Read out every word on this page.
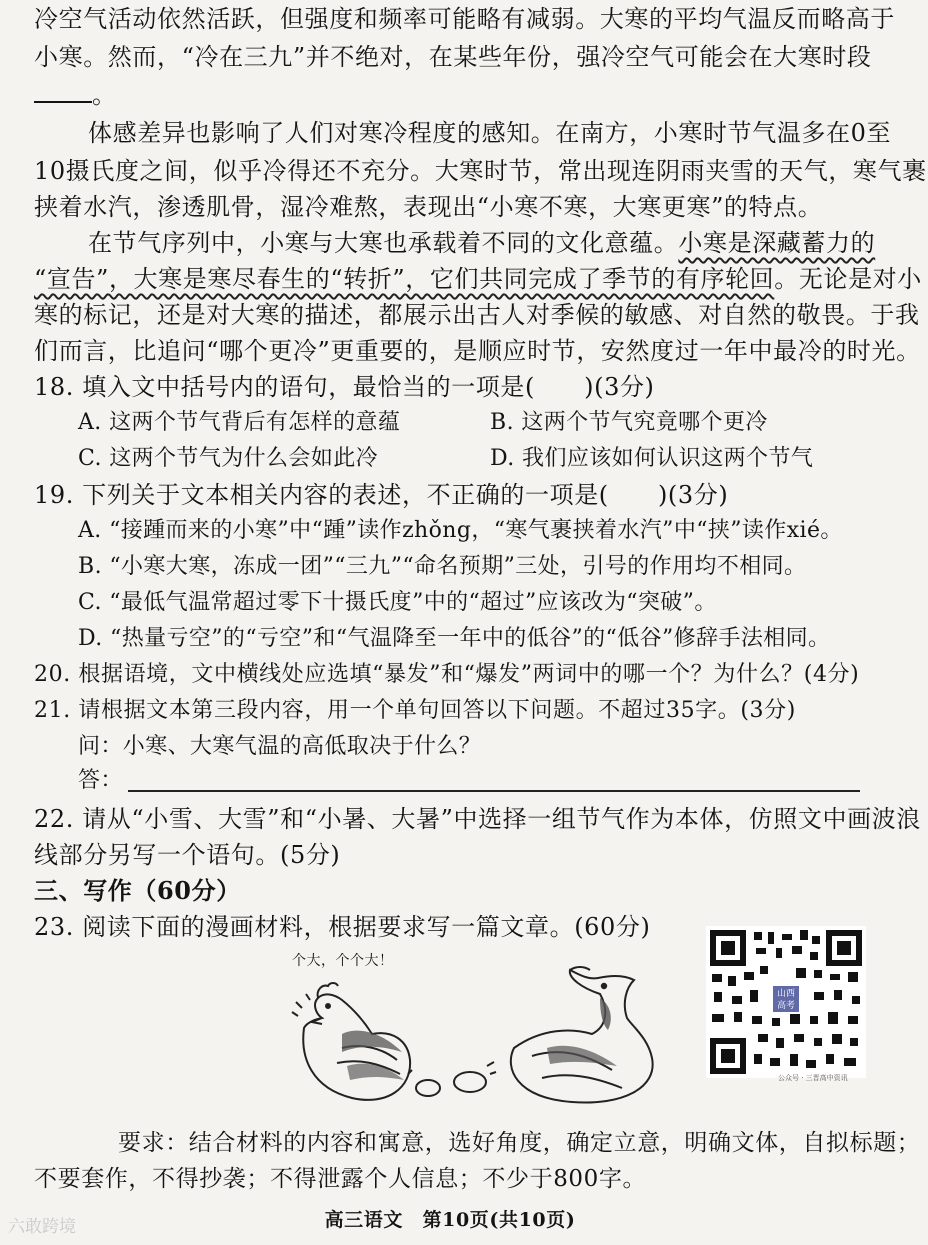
冷空气活动依然活跃，但强度和频率可能略有减弱。大寒的平均气温反而略高于
小寒。然而，“冷在三九”并不绝对，在某些年份，强冷空气可能会在大寒时段
。
体感差异也影响了人们对寒冷程度的感知。在南方，小寒时节气温多在0至
10摄氏度之间，似乎冷得还不充分。大寒时节，常出现连阴雨夹雪的天气，寒气裹
挟着水汽，渗透肌骨，湿冷难熬，表现出“小寒不寒，大寒更寒”的特点。
在节气序列中，小寒与大寒也承载着不同的文化意蕴。小寒是深藏蓄力的
“宣告”，大寒是寒尽春生的“转折”，它们共同完成了季节的有序轮回。无论是对小
寒的标记，还是对大寒的描述，都展示出古人对季候的敏感、对自然的敬畏。于我
们而言，比追问“哪个更冷”更重要的，是顺应时节，安然度过一年中最冷的时光。
18. 填入文中括号内的语句，最恰当的一项是(　　)(3分)
A. 这两个节气背后有怎样的意蕴	B. 这两个节气究竟哪个更冷
C. 这两个节气为什么会如此冷	D. 我们应该如何认识这两个节气
19. 下列关于文本相关内容的表述，不正确的一项是(　　)(3分)
A. “接踵而来的小寒”中“踵”读作zhǒng，“寒气裹挟着水汽”中“挟”读作xié。
B. “小寒大寒，冻成一团”“三九”“命名预期”三处，引号的作用均不相同。
C. “最低气温常超过零下十摄氏度”中的“超过”应该改为“突破”。
D. “热量亏空”的“亏空”和“气温降至一年中的低谷”的“低谷”修辞手法相同。
20. 根据语境，文中横线处应选填“暴发”和“爆发”两词中的哪一个？为什么？(4分)
21. 请根据文本第三段内容，用一个单句回答以下问题。不超过35字。(3分)
问：小寒、大寒气温的高低取决于什么？
答：
22. 请从“小雪、大雪”和“小暑、大暑”中选择一组节气作为本体，仿照文中画波浪
线部分另写一个语句。(5分)
三、写作（60分）
23. 阅读下面的漫画材料，根据要求写一篇文章。(60分)
个大，个个大！
山西高考
公众号 · 三晋高中资讯
要求：结合材料的内容和寓意，选好角度，确定立意，明确文体，自拟标题；
不要套作，不得抄袭；不得泄露个人信息；不少于800字。
高三语文　第10页(共10页)
六敢跨境
